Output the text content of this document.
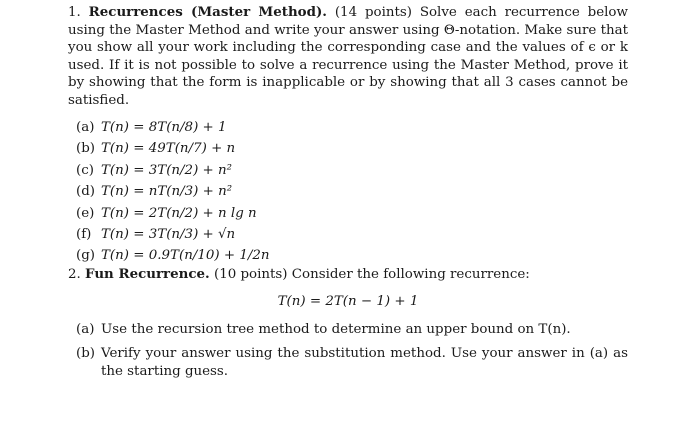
1. Recurrences (Master Method). (14 points) Solve each recurrence below using the Master Method and write your answer using Θ-notation. Make sure that you show all your work including the corresponding case and the values of ϵ or k used. If it is not possible to solve a recurrence using the Master Method, prove it by showing that the form is inapplicable or by showing that all 3 cases cannot be satisfied.

(a) T(n) = 8T(n/8) + 1
(b) T(n) = 49T(n/7) + n
(c) T(n) = 3T(n/2) + n²
(d) T(n) = nT(n/3) + n²
(e) T(n) = 2T(n/2) + n lg n
(f) T(n) = 3T(n/3) + √n
(g) T(n) = 0.9T(n/10) + 1/2n

2. Fun Recurrence. (10 points) Consider the following recurrence:

T(n) = 2T(n − 1) + 1
(a) Use the recursion tree method to determine an upper bound on T(n).
(b) Verify your answer using the substitution method. Use your answer in (a) as the starting guess.
